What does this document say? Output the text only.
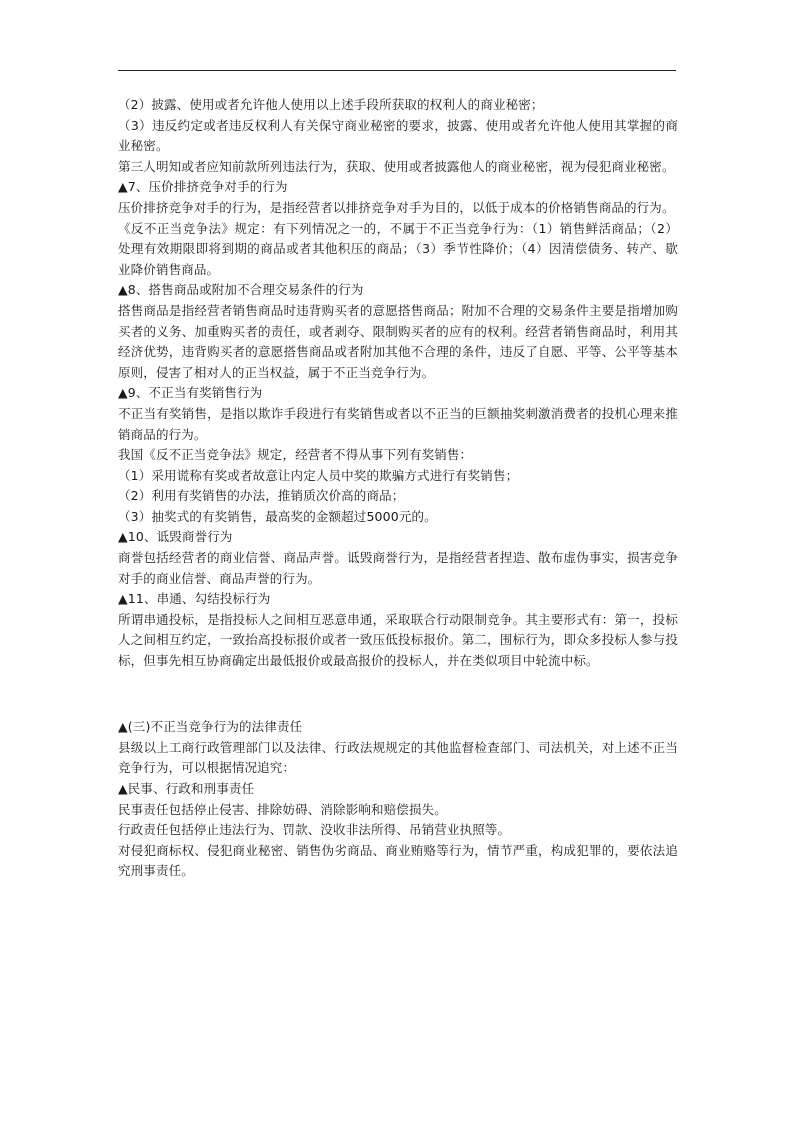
（2）披露、使用或者允许他人使用以上述手段所获取的权利人的商业秘密；

（3）违反约定或者违反权利人有关保守商业秘密的要求，披露、使用或者允许他人使用其掌握的商业秘密。

第三人明知或者应知前款所列违法行为，获取、使用或者披露他人的商业秘密，视为侵犯商业秘密。

▲7、压价排挤竞争对手的行为

压价排挤竞争对手的行为，是指经营者以排挤竞争对手为目的，以低于成本的价格销售商品的行为。

《反不正当竞争法》规定：有下列情况之一的，不属于不正当竞争行为：（1）销售鲜活商品；（2）处理有效期限即将到期的商品或者其他积压的商品；（3）季节性降价；（4）因清偿债务、转产、歇业降价销售商品。

▲8、搭售商品或附加不合理交易条件的行为

搭售商品是指经营者销售商品时违背购买者的意愿搭售商品；附加不合理的交易条件主要是指增加购买者的义务、加重购买者的责任，或者剥夺、限制购买者的应有的权利。经营者销售商品时，利用其经济优势，违背购买者的意愿搭售商品或者附加其他不合理的条件，违反了自愿、平等、公平等基本原则，侵害了相对人的正当权益，属于不正当竞争行为。

▲9、不正当有奖销售行为

不正当有奖销售，是指以欺诈手段进行有奖销售或者以不正当的巨额抽奖刺激消费者的投机心理来推销商品的行为。

我国《反不正当竞争法》规定，经营者不得从事下列有奖销售：

（1）采用谎称有奖或者故意让内定人员中奖的欺骗方式进行有奖销售；

（2）利用有奖销售的办法，推销质次价高的商品；

（3）抽奖式的有奖销售，最高奖的金额超过5000元的。

▲10、诋毁商誉行为

商誉包括经营者的商业信誉、商品声誉。诋毁商誉行为，是指经营者捏造、散布虚伪事实，损害竞争对手的商业信誉、商品声誉的行为。

▲11、串通、勾结投标行为

所谓串通投标，是指投标人之间相互恶意串通，采取联合行动限制竞争。其主要形式有：第一，投标人之间相互约定，一致抬高投标报价或者一致压低投标报价。第二，围标行为，即众多投标人参与投标，但事先相互协商确定出最低报价或最高报价的投标人，并在类似项目中轮流中标。

▲(三)不正当竞争行为的法律责任

县级以上工商行政管理部门以及法律、行政法规规定的其他监督检查部门、司法机关，对上述不正当竞争行为，可以根据情况追究：

▲民事、行政和刑事责任

民事责任包括停止侵害、排除妨碍、消除影响和赔偿损失。

行政责任包括停止违法行为、罚款、没收非法所得、吊销营业执照等。

对侵犯商标权、侵犯商业秘密、销售伪劣商品、商业贿赂等行为，情节严重，构成犯罪的，要依法追究刑事责任。
